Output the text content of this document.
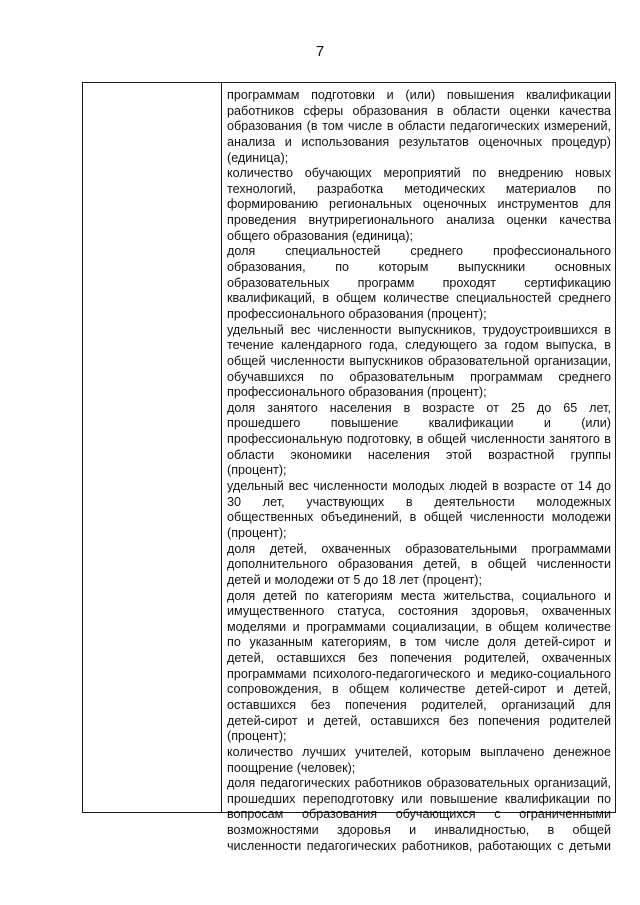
7
программам подготовки и (или) повышения квалификации
работников сферы образования в области оценки качества
образования (в том числе в области педагогических измерений,
анализа и использования результатов оценочных процедур)
(единица);
количество обучающих мероприятий по внедрению новых
технологий, разработка методических материалов по
формированию региональных оценочных инструментов для
проведения внутрирегионального анализа оценки качества
общего образования (единица);
доля специальностей среднего профессионального
образования, по которым выпускники основных
образовательных программ проходят сертификацию
квалификаций, в общем количестве специальностей среднего
профессионального образования (процент);
удельный вес численности выпускников, трудоустроившихся в
течение календарного года, следующего за годом выпуска, в
общей численности выпускников образовательной организации,
обучавшихся по образовательным программам среднего
профессионального образования (процент);
доля занятого населения в возрасте от 25 до 65 лет,
прошедшего повышение квалификации и (или)
профессиональную подготовку, в общей численности занятого в
области экономики населения этой возрастной группы
(процент);
удельный вес численности молодых людей в возрасте от 14 до
30 лет, участвующих в деятельности молодежных
общественных объединений, в общей численности молодежи
(процент);
доля детей, охваченных образовательными программами
дополнительного образования детей, в общей численности
детей и молодежи от 5 до 18 лет (процент);
доля детей по категориям места жительства, социального и
имущественного статуса, состояния здоровья, охваченных
моделями и программами социализации, в общем количестве
по указанным категориям, в том числе доля детей-сирот и
детей, оставшихся без попечения родителей, охваченных
программами психолого-педагогического и медико-социального
сопровождения, в общем количестве детей-сирот и детей,
оставшихся без попечения родителей, организаций для
детей-сирот и детей, оставшихся без попечения родителей
(процент);
количество лучших учителей, которым выплачено денежное
поощрение (человек);
доля педагогических работников образовательных организаций,
прошедших переподготовку или повышение квалификации по
вопросам образования обучающихся с ограниченными
возможностями здоровья и инвалидностью, в общей
численности педагогических работников, работающих с детьми
